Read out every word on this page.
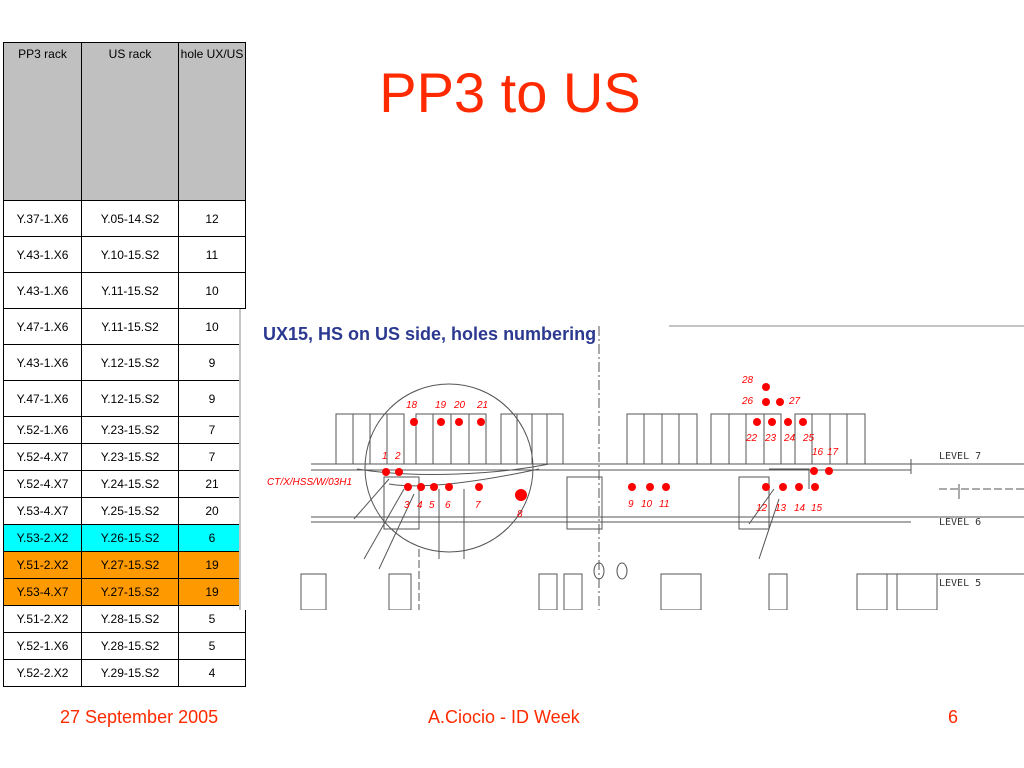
PP3 rack	US rack	hole UX/US
Y.37-1.X6	Y.05-14.S2	12
Y.43-1.X6	Y.10-15.S2	11
Y.43-1.X6	Y.11-15.S2	10
Y.47-1.X6	Y.11-15.S2	10
Y.43-1.X6	Y.12-15.S2	9
Y.47-1.X6	Y.12-15.S2	9
Y.52-1.X6	Y.23-15.S2	7
Y.52-4.X7	Y.23-15.S2	7
Y.52-4.X7	Y.24-15.S2	21
Y.53-4.X7	Y.25-15.S2	20
Y.53-2.X2	Y.26-15.S2	6
Y.51-2.X2	Y.27-15.S2	19
Y.53-4.X7	Y.27-15.S2	19
Y.51-2.X2	Y.28-15.S2	5
Y.52-1.X6	Y.28-15.S2	5
Y.52-2.X2	Y.29-15.S2	4
PP3 to US
UX15, HS on US side, holes numbering
LEVEL 7
LEVEL 6
LEVEL 5
CT/X/HSS/W/03H1
1 2
3 4 5 6 7
8
9 10 11	12 13 14 15
16 17
18 19 20 21
22 23 24 25
26	27
28
27 September 2005	A.Ciocio - ID Week	6
